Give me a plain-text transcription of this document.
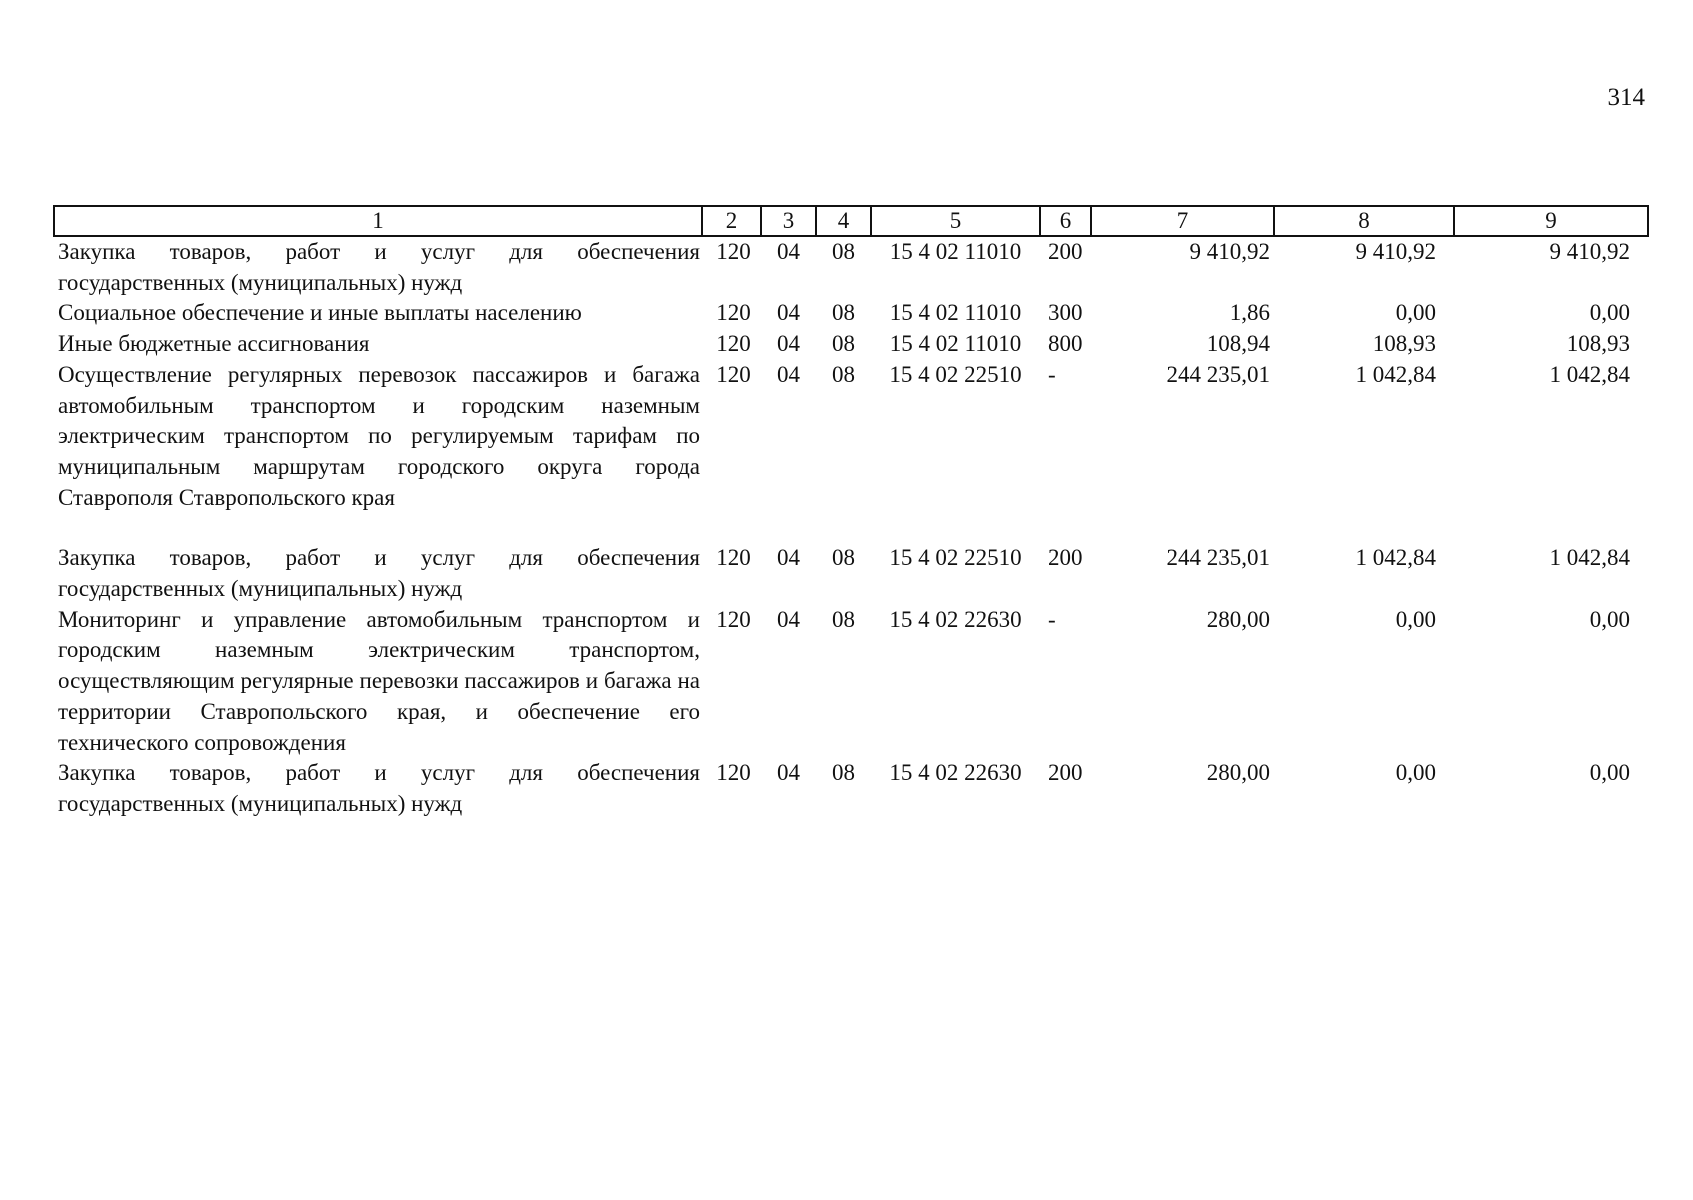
314
1	2	3	4	5	6	7	8	9
Закупка товаров, работ и услуг для обеспечения государственных (муниципальных) нужд	120	04	08	15 4 02 11010	200	9 410,92	9 410,92	9 410,92
Социальное обеспечение и иные выплаты населению	120	04	08	15 4 02 11010	300	1,86	0,00	0,00
Иные бюджетные ассигнования	120	04	08	15 4 02 11010	800	108,94	108,93	108,93
Осуществление регулярных перевозок пассажиров и багажа автомобильным транспортом и городским наземным электрическим транспортом по регулируемым тарифам по муниципальным маршрутам городского округа города Ставрополя Ставропольского края	120	04	08	15 4 02 22510	-	244 235,01	1 042,84	1 042,84

Закупка товаров, работ и услуг для обеспечения государственных (муниципальных) нужд	120	04	08	15 4 02 22510	200	244 235,01	1 042,84	1 042,84
Мониторинг и управление автомобильным транспортом и городским наземным электрическим транспортом, осуществляющим регулярные перевозки пассажиров и багажа на территории Ставропольского края, и обеспечение его технического сопровождения	120	04	08	15 4 02 22630	-	280,00	0,00	0,00
Закупка товаров, работ и услуг для обеспечения государственных (муниципальных) нужд	120	04	08	15 4 02 22630	200	280,00	0,00	0,00
